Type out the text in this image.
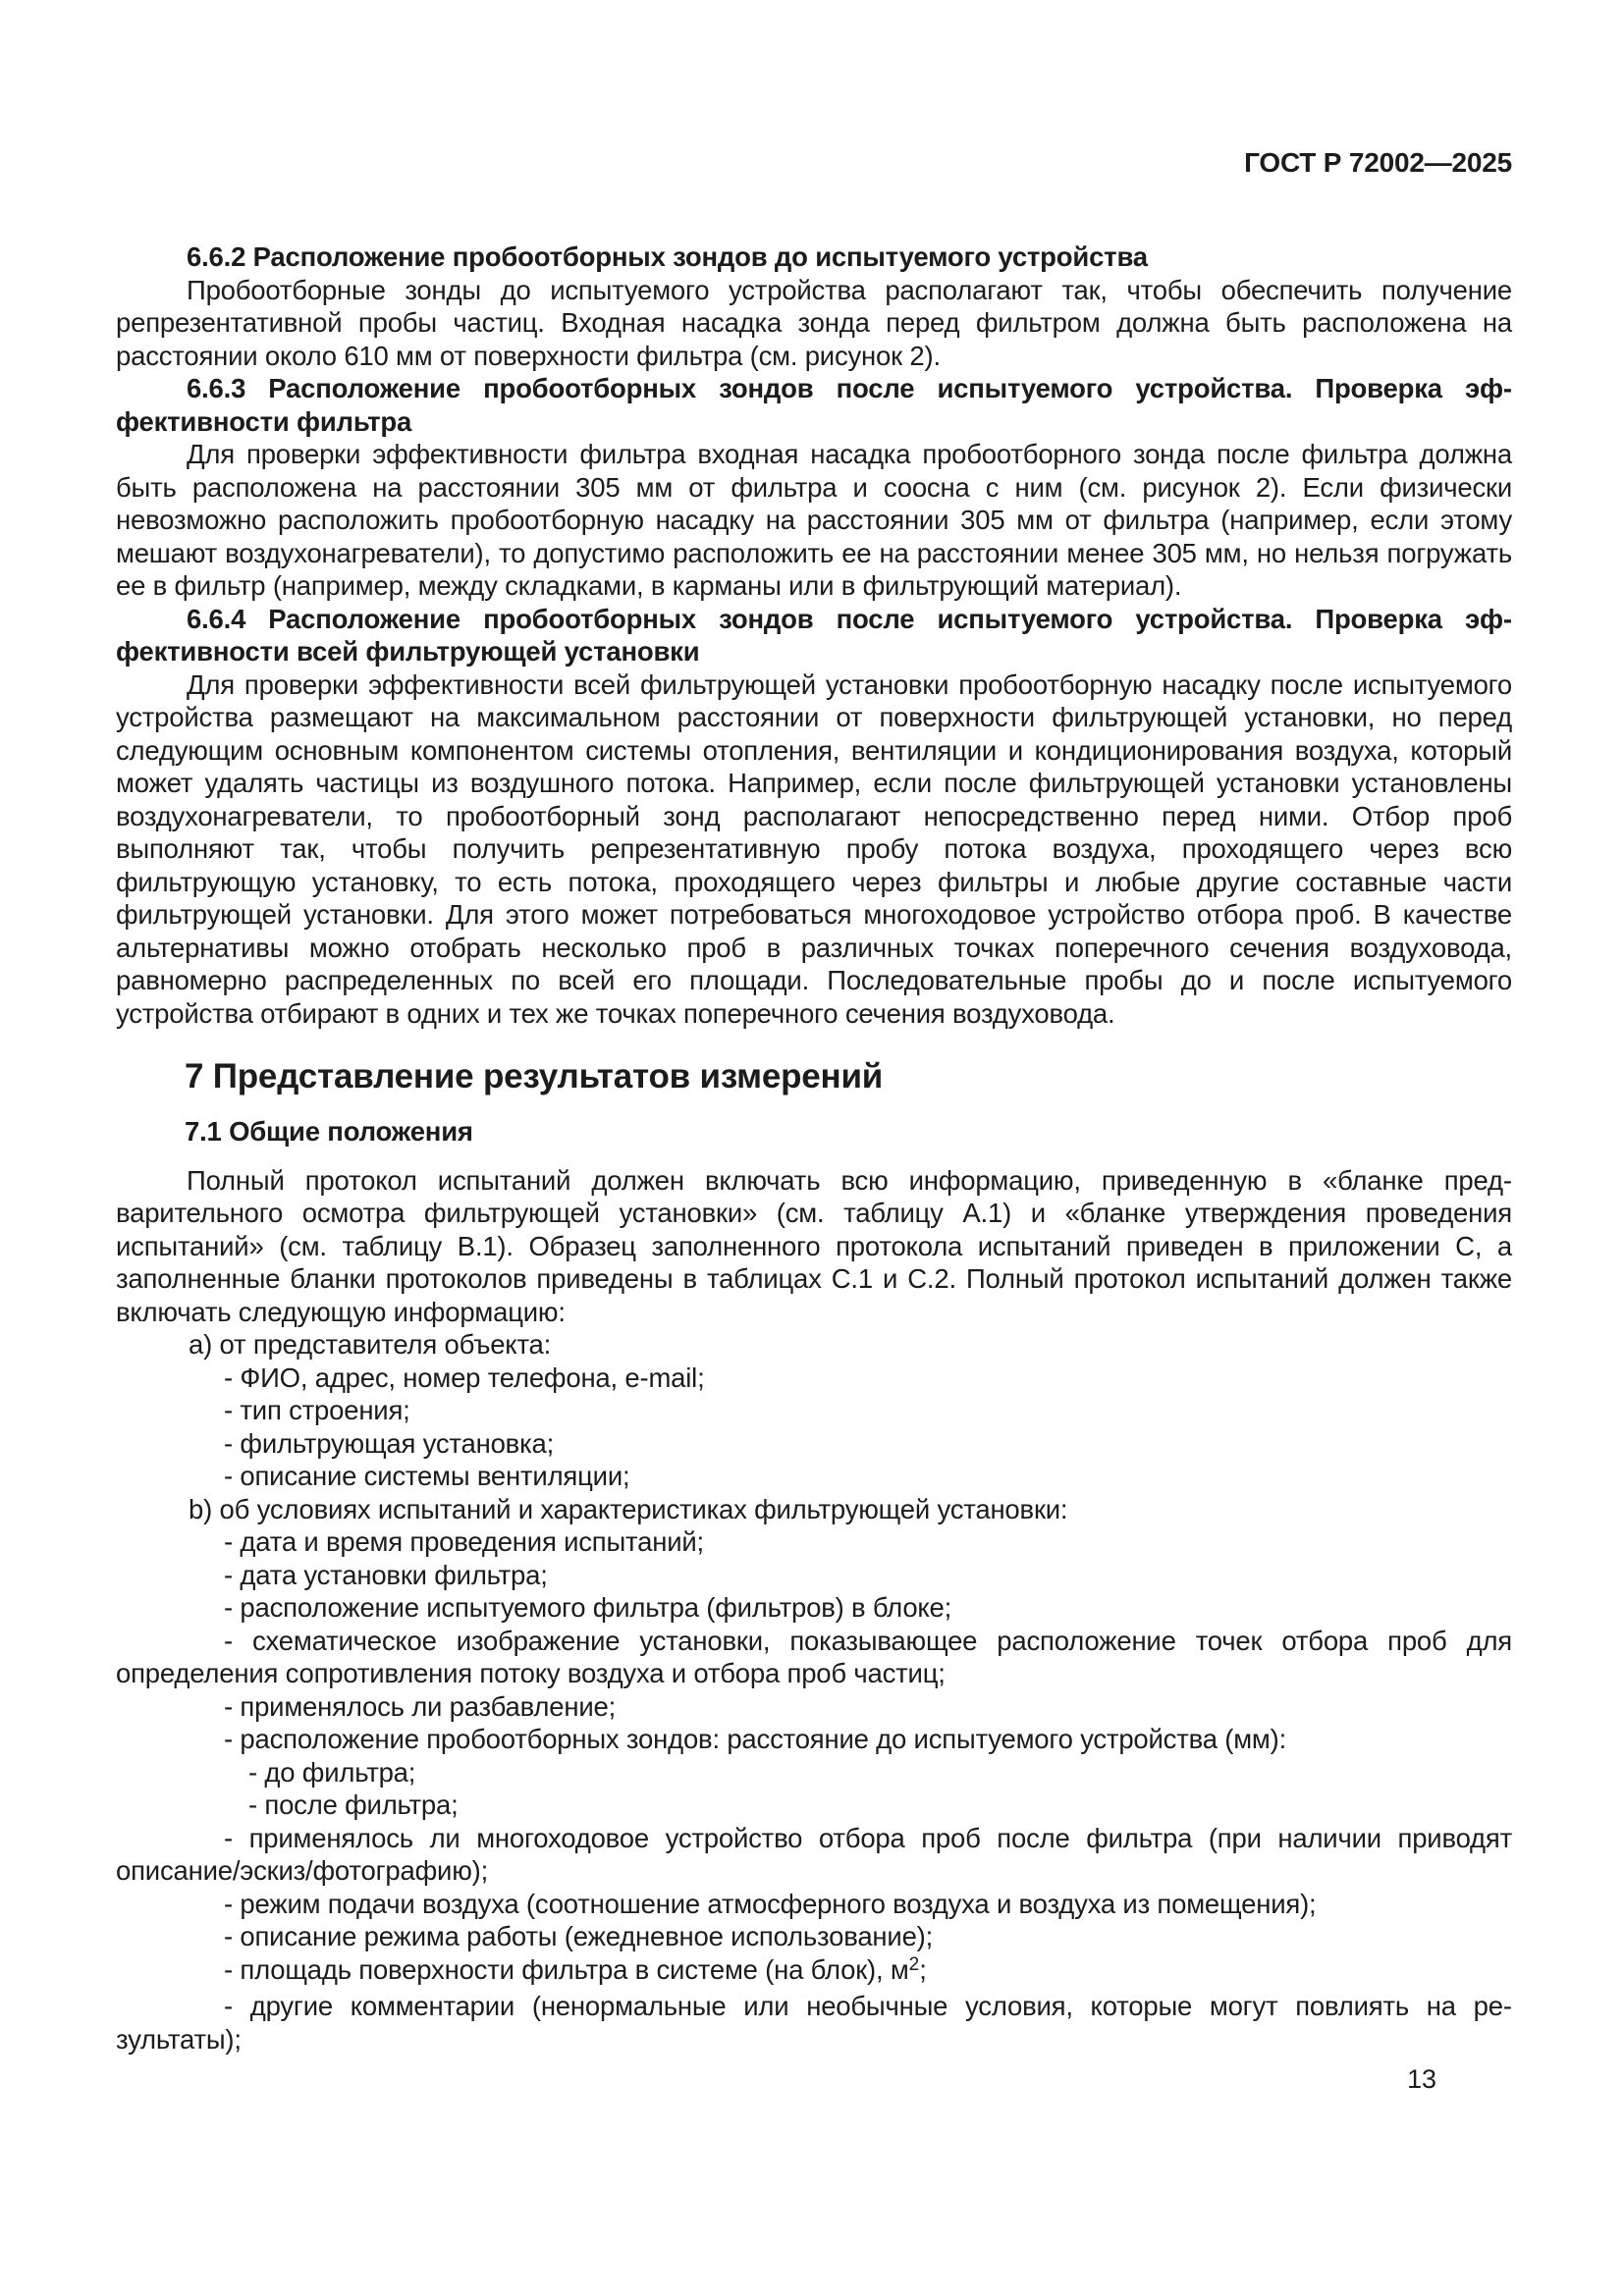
ГОСТ Р 72002—2025

6.6.2 Расположение пробоотборных зондов до испытуемого устройства

Пробоотборные зонды до испытуемого устройства располагают так, чтобы обеспечить получение репрезентативной пробы частиц. Входная насадка зонда перед фильтром должна быть расположена на расстоянии около 610 мм от поверхности фильтра (см. рисунок 2).

6.6.3 Расположение пробоотборных зондов после испытуемого устройства. Проверка эффективности фильтра

Для проверки эффективности фильтра входная насадка пробоотборного зонда после фильтра должна быть расположена на расстоянии 305 мм от фильтра и соосна с ним (см. рисунок 2). Если физически невозможно расположить пробоотборную насадку на расстоянии 305 мм от фильтра (например, если этому мешают воздухонагреватели), то допустимо расположить ее на расстоянии менее 305 мм, но нельзя погружать ее в фильтр (например, между складками, в карманы или в фильтрующий материал).

6.6.4 Расположение пробоотборных зондов после испытуемого устройства. Проверка эффективности всей фильтрующей установки

Для проверки эффективности всей фильтрующей установки пробоотборную насадку после испытуемого устройства размещают на максимальном расстоянии от поверхности фильтрующей установки, но перед следующим основным компонентом системы отопления, вентиляции и кондиционирования воздуха, который может удалять частицы из воздушного потока. Например, если после фильтрующей установки установлены воздухонагреватели, то пробоотборный зонд располагают непосредственно перед ними. Отбор проб выполняют так, чтобы получить репрезентативную пробу потока воздуха, проходящего через всю фильтрующую установку, то есть потока, проходящего через фильтры и любые другие составные части фильтрующей установки. Для этого может потребоваться многоходовое устройство отбора проб. В качестве альтернативы можно отобрать несколько проб в различных точках поперечного сечения воздуховода, равномерно распределенных по всей его площади. Последовательные пробы до и после испытуемого устройства отбирают в одних и тех же точках поперечного сечения воздуховода.

7 Представление результатов измерений

7.1 Общие положения

Полный протокол испытаний должен включать всю информацию, приведенную в «бланке предварительного осмотра фильтрующей установки» (см. таблицу А.1) и «бланке утверждения проведения испытаний» (см. таблицу В.1). Образец заполненного протокола испытаний приведен в приложении С, а заполненные бланки протоколов приведены в таблицах С.1 и С.2. Полный протокол испытаний должен также включать следующую информацию:

a) от представителя объекта:

- ФИО, адрес, номер телефона, e-mail;

- тип строения;

- фильтрующая установка;

- описание системы вентиляции;

b) об условиях испытаний и характеристиках фильтрующей установки:

- дата и время проведения испытаний;

- дата установки фильтра;

- расположение испытуемого фильтра (фильтров) в блоке;

- схематическое изображение установки, показывающее расположение точек отбора проб для определения сопротивления потоку воздуха и отбора проб частиц;

- применялось ли разбавление;

- расположение пробоотборных зондов: расстояние до испытуемого устройства (мм):

- до фильтра;

- после фильтра;

- применялось ли многоходовое устройство отбора проб после фильтра (при наличии приводят описание/эскиз/фотографию);

- режим подачи воздуха (соотношение атмосферного воздуха и воздуха из помещения);

- описание режима работы (ежедневное использование);

- площадь поверхности фильтра в системе (на блок), $м^2$;

- другие комментарии (ненормальные или необычные условия, которые могут повлиять на результаты);

13
